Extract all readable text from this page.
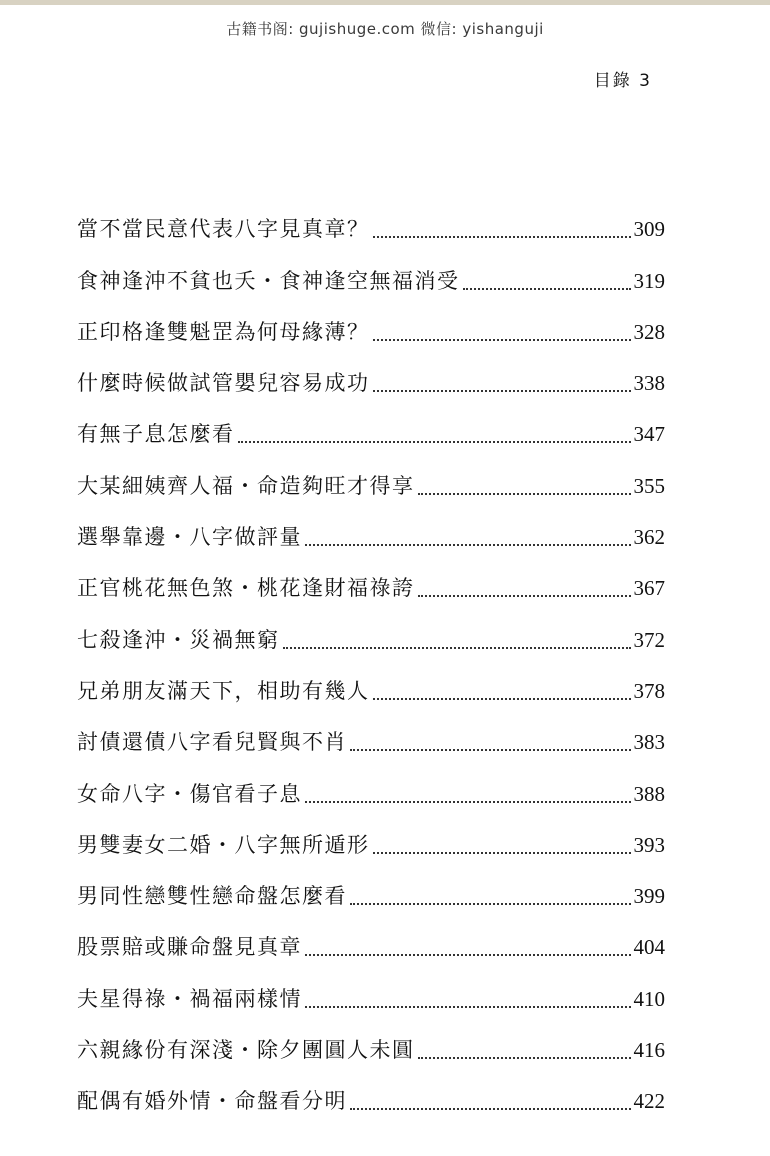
古籍书阁: gujishuge.com 微信: yishanguji
目錄 3
當不當民意代表八字見真章？	309
食神逢沖不貧也夭・食神逢空無福消受	319
正印格逢雙魁罡為何母緣薄？	328
什麼時候做試管嬰兒容易成功	338
有無子息怎麼看	347
大某細姨齊人福・命造夠旺才得享	355
選舉靠邊・八字做評量	362
正官桃花無色煞・桃花逢財福祿誇	367
七殺逢沖・災禍無窮	372
兄弟朋友滿天下，相助有幾人	378
討債還債八字看兒賢與不肖	383
女命八字・傷官看子息	388
男雙妻女二婚・八字無所遁形	393
男同性戀雙性戀命盤怎麼看	399
股票賠或賺命盤見真章	404
夫星得祿・禍福兩樣情	410
六親緣份有深淺・除夕團圓人未圓	416
配偶有婚外情・命盤看分明	422
